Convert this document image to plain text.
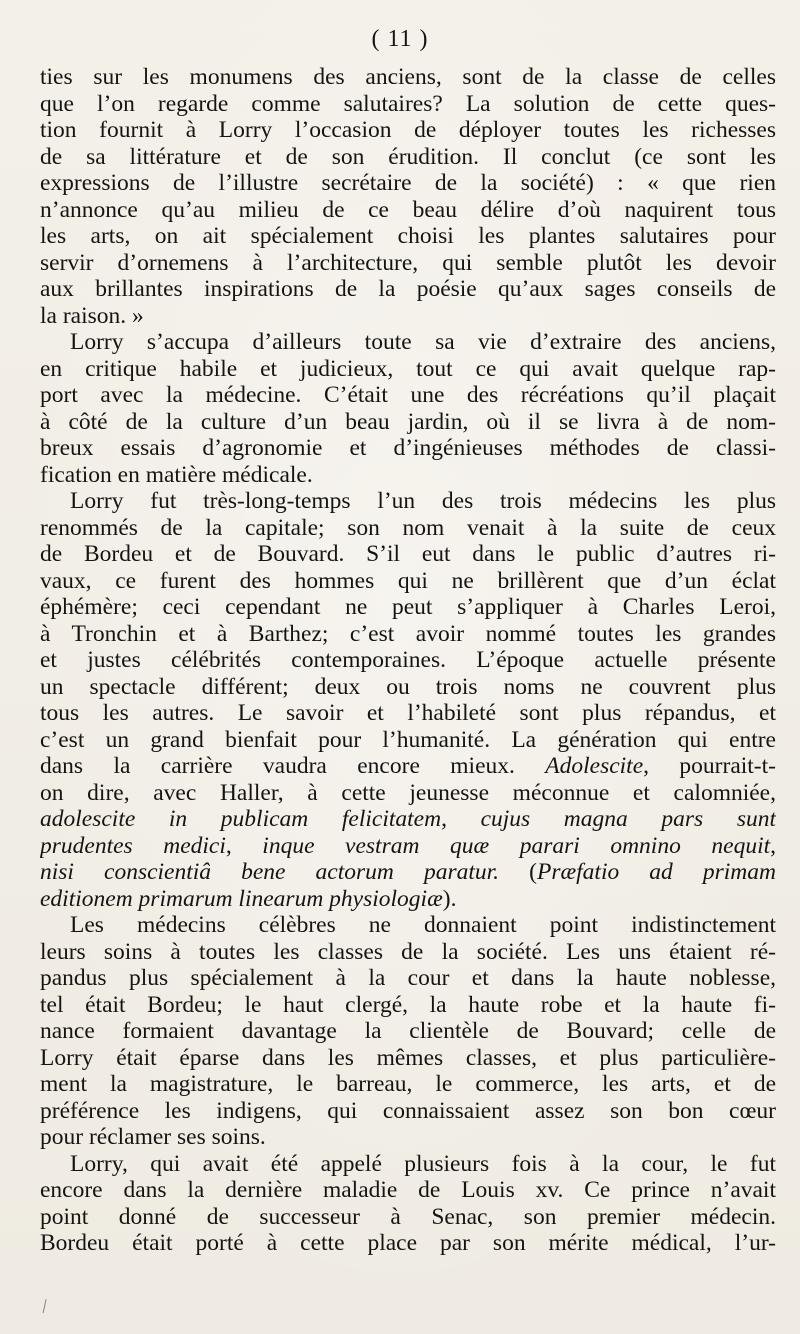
( 11 )
ties sur les monumens des anciens, sont de la classe de celles
que l’on regarde comme salutaires? La solution de cette ques-
tion fournit à Lorry l’occasion de déployer toutes les richesses
de sa littérature et de son érudition. Il conclut (ce sont les
expressions de l’illustre secrétaire de la société) : « que rien
n’annonce qu’au milieu de ce beau délire d’où naquirent tous
les arts, on ait spécialement choisi les plantes salutaires pour
servir d’ornemens à l’architecture, qui semble plutôt les devoir
aux brillantes inspirations de la poésie qu’aux sages conseils de
la raison. »
Lorry s’accupa d’ailleurs toute sa vie d’extraire des anciens,
en critique habile et judicieux, tout ce qui avait quelque rap-
port avec la médecine. C’était une des récréations qu’il plaçait
à côté de la culture d’un beau jardin, où il se livra à de nom-
breux essais d’agronomie et d’ingénieuses méthodes de classi-
fication en matière médicale.
Lorry fut très-long-temps l’un des trois médecins les plus
renommés de la capitale; son nom venait à la suite de ceux
de Bordeu et de Bouvard. S’il eut dans le public d’autres ri-
vaux, ce furent des hommes qui ne brillèrent que d’un éclat
éphémère; ceci cependant ne peut s’appliquer à Charles Leroi,
à Tronchin et à Barthez; c’est avoir nommé toutes les grandes
et justes célébrités contemporaines. L’époque actuelle présente
un spectacle différent; deux ou trois noms ne couvrent plus
tous les autres. Le savoir et l’habileté sont plus répandus, et
c’est un grand bienfait pour l’humanité. La génération qui entre
dans la carrière vaudra encore mieux. Adolescite, pourrait-t-
on dire, avec Haller, à cette jeunesse méconnue et calomniée,
adolescite in publicam felicitatem, cujus magna pars sunt
prudentes medici, inque vestram quæ parari omnino nequit,
nisi conscientiâ bene actorum paratur. (Præfatio ad primam
editionem primarum linearum physiologiæ).
Les médecins célèbres ne donnaient point indistinctement
leurs soins à toutes les classes de la société. Les uns étaient ré-
pandus plus spécialement à la cour et dans la haute noblesse,
tel était Bordeu; le haut clergé, la haute robe et la haute fi-
nance formaient davantage la clientèle de Bouvard; celle de
Lorry était éparse dans les mêmes classes, et plus particulière-
ment la magistrature, le barreau, le commerce, les arts, et de
préférence les indigens, qui connaissaient assez son bon cœur
pour réclamer ses soins.
Lorry, qui avait été appelé plusieurs fois à la cour, le fut
encore dans la dernière maladie de Louis xv. Ce prince n’avait
point donné de successeur à Senac, son premier médecin.
Bordeu était porté à cette place par son mérite médical, l’ur-
